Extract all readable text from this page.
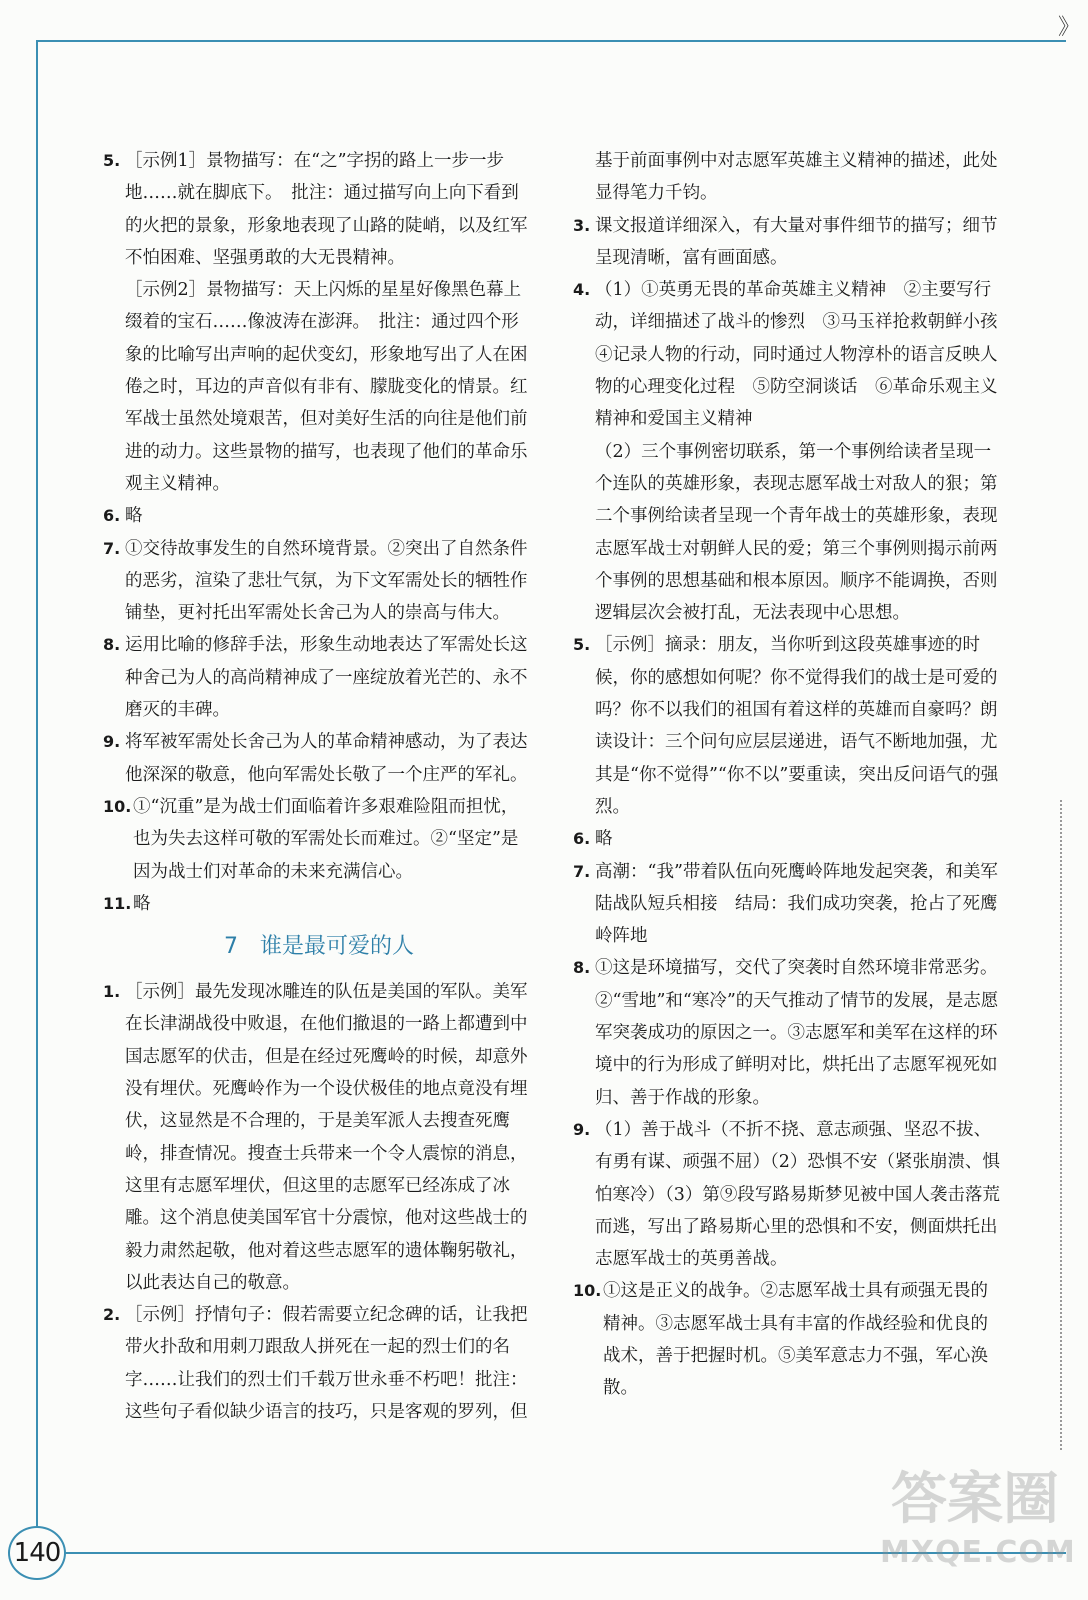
》
5. ［示例1］景物描写：在“之”字拐的路上一步一步地……就在脚底下。　批注：通过描写向上向下看到的火把的景象，形象地表现了山路的陡峭，以及红军不怕困难、坚强勇敢的大无畏精神。
［示例2］景物描写：天上闪烁的星星好像黑色幕上缀着的宝石……像波涛在澎湃。　批注：通过四个形象的比喻写出声响的起伏变幻，形象地写出了人在困倦之时，耳边的声音似有非有、朦胧变化的情景。红军战士虽然处境艰苦，但对美好生活的向往是他们前进的动力。这些景物的描写，也表现了他们的革命乐观主义精神。
6. 略
7. ①交待故事发生的自然环境背景。②突出了自然条件的恶劣，渲染了悲壮气氛，为下文军需处长的牺牲作铺垫，更衬托出军需处长舍己为人的崇高与伟大。
8. 运用比喻的修辞手法，形象生动地表达了军需处长这种舍己为人的高尚精神成了一座绽放着光芒的、永不磨灭的丰碑。
9. 将军被军需处长舍己为人的革命精神感动，为了表达他深深的敬意，他向军需处长敬了一个庄严的军礼。
10. ①“沉重”是为战士们面临着许多艰难险阻而担忧，也为失去这样可敬的军需处长而难过。②“坚定”是因为战士们对革命的未来充满信心。
11. 略
7 谁是最可爱的人
1. ［示例］最先发现冰雕连的队伍是美国的军队。美军在长津湖战役中败退，在他们撤退的一路上都遭到中国志愿军的伏击，但是在经过死鹰岭的时候，却意外没有埋伏。死鹰岭作为一个设伏极佳的地点竟没有埋伏，这显然是不合理的，于是美军派人去搜查死鹰岭，排查情况。搜查士兵带来一个令人震惊的消息，这里有志愿军埋伏，但这里的志愿军已经冻成了冰雕。这个消息使美国军官十分震惊，他对这些战士的毅力肃然起敬，他对着这些志愿军的遗体鞠躬敬礼，以此表达自己的敬意。
2. ［示例］抒情句子：假若需要立纪念碑的话，让我把带火扑敌和用刺刀跟敌人拼死在一起的烈士们的名字……让我们的烈士们千载万世永垂不朽吧！批注：这些句子看似缺少语言的技巧，只是客观的罗列，但
基于前面事例中对志愿军英雄主义精神的描述，此处显得笔力千钧。
3. 课文报道详细深入，有大量对事件细节的描写；细节呈现清晰，富有画面感。
4. （1）①英勇无畏的革命英雄主义精神　②主要写行动，详细描述了战斗的惨烈　③马玉祥抢救朝鲜小孩　④记录人物的行动，同时通过人物淳朴的语言反映人物的心理变化过程　⑤防空洞谈话　⑥革命乐观主义精神和爱国主义精神
（2）三个事例密切联系，第一个事例给读者呈现一个连队的英雄形象，表现志愿军战士对敌人的狠；第二个事例给读者呈现一个青年战士的英雄形象，表现志愿军战士对朝鲜人民的爱；第三个事例则揭示前两个事例的思想基础和根本原因。顺序不能调换，否则逻辑层次会被打乱，无法表现中心思想。
5. ［示例］摘录：朋友，当你听到这段英雄事迹的时候，你的感想如何呢？你不觉得我们的战士是可爱的吗？你不以我们的祖国有着这样的英雄而自豪吗？朗读设计：三个问句应层层递进，语气不断地加强，尤其是“你不觉得”“你不以”要重读，突出反问语气的强烈。
6. 略
7. 高潮：“我”带着队伍向死鹰岭阵地发起突袭，和美军陆战队短兵相接　结局：我们成功突袭，抢占了死鹰岭阵地
8. ①这是环境描写，交代了突袭时自然环境非常恶劣。②“雪地”和“寒冷”的天气推动了情节的发展，是志愿军突袭成功的原因之一。③志愿军和美军在这样的环境中的行为形成了鲜明对比，烘托出了志愿军视死如归、善于作战的形象。
9. （1）善于战斗（不折不挠、意志顽强、坚忍不拔、有勇有谋、顽强不屈）（2）恐惧不安（紧张崩溃、惧怕寒冷）（3）第⑨段写路易斯梦见被中国人袭击落荒而逃，写出了路易斯心里的恐惧和不安，侧面烘托出志愿军战士的英勇善战。
10. ①这是正义的战争。②志愿军战士具有顽强无畏的精神。③志愿军战士具有丰富的作战经验和优良的战术，善于把握时机。⑤美军意志力不强，军心涣散。
140
答案圈
MXQE.COM
